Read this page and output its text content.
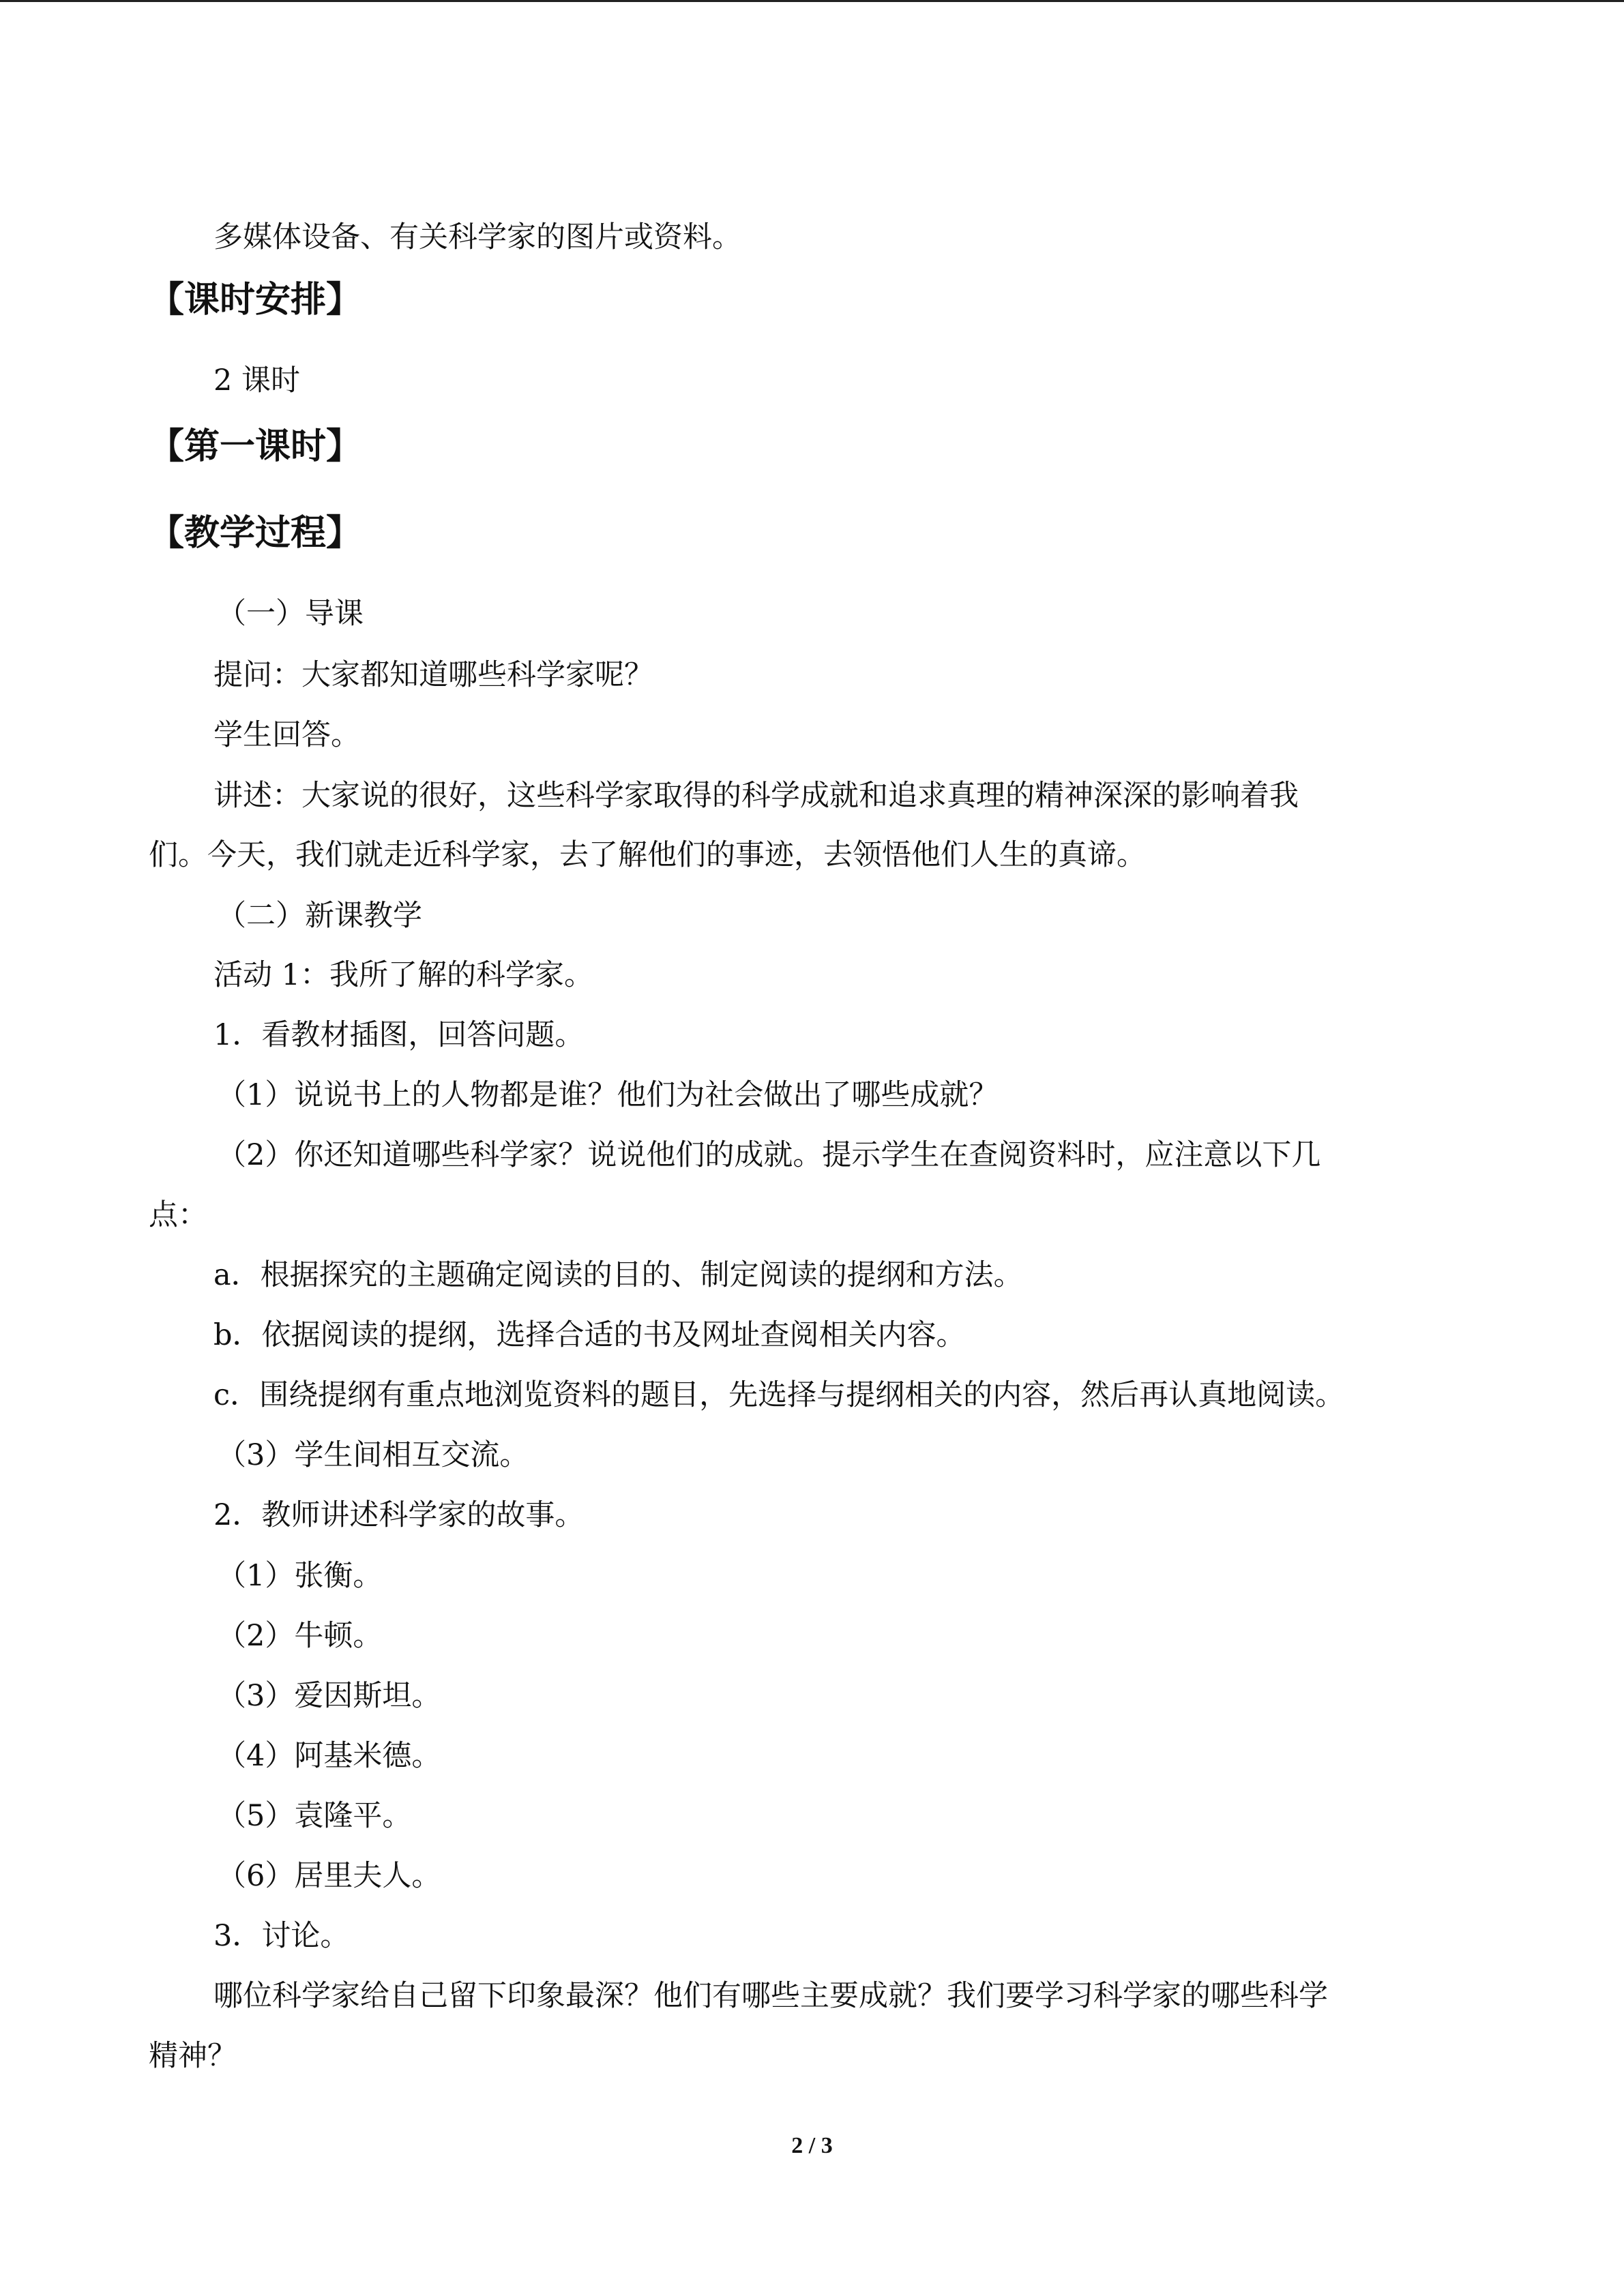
多媒体设备、有关科学家的图片或资料。
【课时安排】
2 课时
【第一课时】
【教学过程】
（一）导课
提问：大家都知道哪些科学家呢？
学生回答。
讲述：大家说的很好，这些科学家取得的科学成就和追求真理的精神深深的影响着我
们。今天，我们就走近科学家，去了解他们的事迹，去领悟他们人生的真谛。
（二）新课教学
活动 1：我所了解的科学家。
1．看教材插图，回答问题。
（1）说说书上的人物都是谁？他们为社会做出了哪些成就？
（2）你还知道哪些科学家？说说他们的成就。提示学生在查阅资料时，应注意以下几
点：
a．根据探究的主题确定阅读的目的、制定阅读的提纲和方法。
b．依据阅读的提纲，选择合适的书及网址查阅相关内容。
c．围绕提纲有重点地浏览资料的题目，先选择与提纲相关的内容，然后再认真地阅读。
（3）学生间相互交流。
2．教师讲述科学家的故事。
（1）张衡。
（2）牛顿。
（3）爱因斯坦。
（4）阿基米德。
（5）袁隆平。
（6）居里夫人。
3．讨论。
哪位科学家给自己留下印象最深？他们有哪些主要成就？我们要学习科学家的哪些科学
精神？
2 / 3
